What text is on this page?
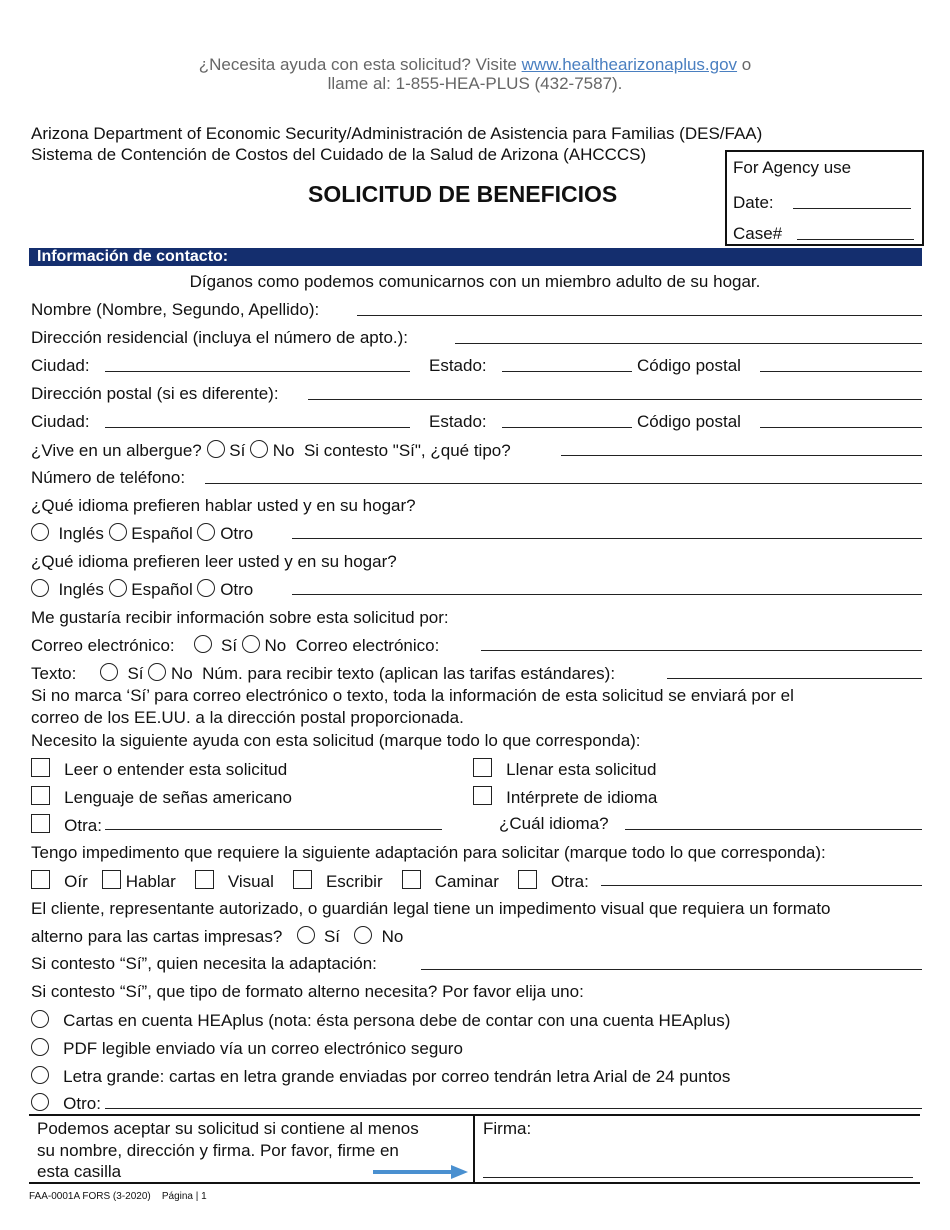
¿Necesita ayuda con esta solicitud? Visite www.healthearizonaplus.gov o
llame al: 1-855-HEA-PLUS (432-7587).
Arizona Department of Economic Security/Administración de Asistencia para Familias (DES/FAA)
Sistema de Contención de Costos del Cuidado de la Salud de Arizona (AHCCCS)
SOLICITUD DE BENEFICIOS
For Agency use
Date:
Case#
Información de contacto:
Díganos como podemos comunicarnos con un miembro adulto de su hogar.
Nombre (Nombre, Segundo, Apellido):
Dirección residencial (incluya el número de apto.):
Ciudad:	Estado:	Código postal
Dirección postal (si es diferente):
Ciudad:	Estado:	Código postal
¿Vive en un albergue? Sí No Si contesto "Sí", ¿qué tipo?
Número de teléfono:
¿Qué idioma prefieren hablar usted y en su hogar?
Inglés Español Otro
¿Qué idioma prefieren leer usted y en su hogar?
Inglés Español Otro
Me gustaría recibir información sobre esta solicitud por:
Correo electrónico:	Sí No Correo electrónico:
Texto:	Sí No Núm. para recibir texto (aplican las tarifas estándares):
Si no marca ‘Sí’ para correo electrónico o texto, toda la información de esta solicitud se enviará por el
correo de los EE.UU. a la dirección postal proporcionada.
Necesito la siguiente ayuda con esta solicitud (marque todo lo que corresponda):
Leer o entender esta solicitud	Llenar esta solicitud
Lenguaje de señas americano	Intérprete de idioma
Otra:	¿Cuál idioma?
Tengo impedimento que requiere la siguiente adaptación para solicitar (marque todo lo que corresponda):
Oír Hablar	Visual	Escribir	Caminar	Otra:
El cliente, representante autorizado, o guardián legal tiene un impedimento visual que requiera un formato
alterno para las cartas impresas? Sí No
Si contesto “Sí”, quien necesita la adaptación:
Si contesto “Sí”, que tipo de formato alterno necesita? Por favor elija uno:
Cartas en cuenta HEAplus (nota: ésta persona debe de contar con una cuenta HEAplus)
PDF legible enviado vía un correo electrónico seguro
Letra grande: cartas en letra grande enviadas por correo tendrán letra Arial de 24 puntos
Otro:
Podemos aceptar su solicitud si contiene al menos
su nombre, dirección y firma. Por favor, firme en
esta casilla
Firma:
FAA-0001A FORS (3-2020) Página | 1
